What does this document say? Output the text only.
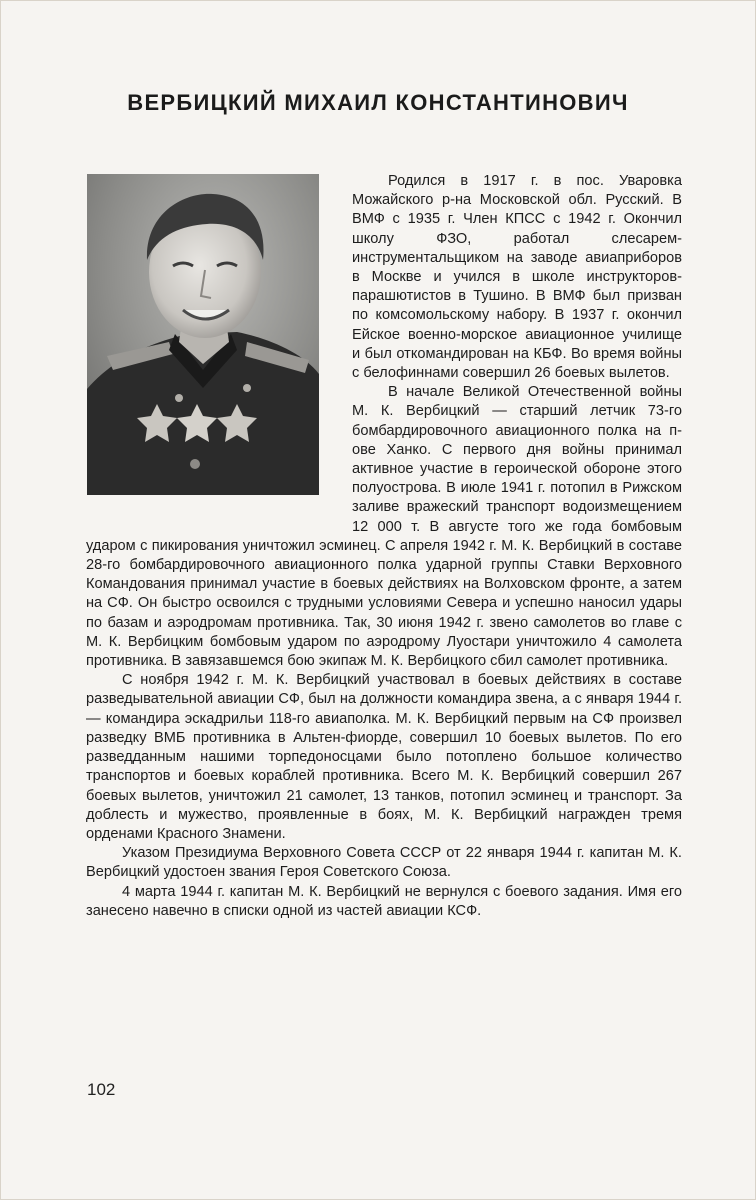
ВЕРБИЦКИЙ МИХАИЛ КОНСТАНТИНОВИЧ

Родился в 1917 г. в пос. Уваровка Можайского р-на Московской обл. Русский. В ВМФ с 1935 г. Член КПСС с 1942 г. Окончил школу ФЗО, работал слесарем-инструментальщиком на заводе авиаприборов в Москве и учился в школе инструкторов-парашютистов в Тушино. В ВМФ был призван по комсомольскому набору. В 1937 г. окончил Ейское военно-морское авиационное училище и был откомандирован на КБФ. Во время войны с белофиннами совершил 26 боевых вылетов.

В начале Великой Отечественной войны М. К. Вербицкий — старший летчик 73-го бомбардировочного авиационного полка на п-ове Ханко. С первого дня войны принимал активное участие в героической обороне этого полуострова. В июле 1941 г. потопил в Рижском заливе вражеский транспорт водоизмещением 12 000 т. В августе того же года бомбовым ударом с пикирования уничтожил эсминец. С апреля 1942 г. М. К. Вербицкий в составе 28-го бомбардировочного авиационного полка ударной группы Ставки Верховного Командования принимал участие в боевых действиях на Волховском фронте, а затем на СФ. Он быстро освоился с трудными условиями Севера и успешно наносил удары по базам и аэродромам противника. Так, 30 июня 1942 г. звено самолетов во главе с М. К. Вербицким бомбовым ударом по аэродрому Луостари уничтожило 4 самолета противника. В завязавшемся бою экипаж М. К. Вербицкого сбил самолет противника.

С ноября 1942 г. М. К. Вербицкий участвовал в боевых действиях в составе разведывательной авиации СФ, был на должности командира звена, а с января 1944 г. — командира эскадрильи 118-го авиаполка. М. К. Вербицкий первым на СФ произвел разведку ВМБ противника в Альтен-фиорде, совершил 10 боевых вылетов. По его разведданным нашими торпедоносцами было потоплено большое количество транспортов и боевых кораблей противника. Всего М. К. Вербицкий совершил 267 боевых вылетов, уничтожил 21 самолет, 13 танков, потопил эсминец и транспорт. За доблесть и мужество, проявленные в боях, М. К. Вербицкий награжден тремя орденами Красного Знамени.

Указом Президиума Верховного Совета СССР от 22 января 1944 г. капитан М. К. Вербицкий удостоен звания Героя Советского Союза.

4 марта 1944 г. капитан М. К. Вербицкий не вернулся с боевого задания. Имя его занесено навечно в списки одной из частей авиации КСФ.

102
